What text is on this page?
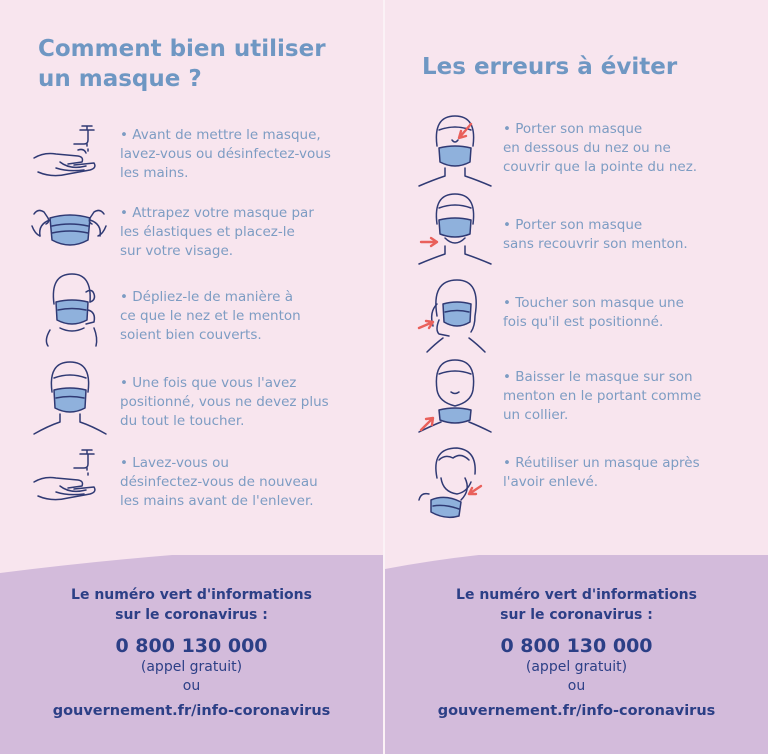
Comment bien utiliser
un masque ?
• Avant de mettre le masque,
lavez-vous ou désinfectez-vous
les mains.
• Attrapez votre masque par
les élastiques et placez-le
sur votre visage.
• Dépliez-le de manière à
ce que le nez et le menton
soient bien couverts.
• Une fois que vous l'avez
positionné, vous ne devez plus
du tout le toucher.
• Lavez-vous ou
désinfectez-vous de nouveau
les mains avant de l'enlever.
Le numéro vert d'informations
sur le coronavirus :
0 800 130 000
(appel gratuit)
ou
gouvernement.fr/info-coronavirus
Les erreurs à éviter
• Porter son masque
en dessous du nez ou ne
couvrir que la pointe du nez.
• Porter son masque
sans recouvrir son menton.
• Toucher son masque une
fois qu'il est positionné.
• Baisser le masque sur son
menton en le portant comme
un collier.
• Réutiliser un masque après
l'avoir enlevé.
Le numéro vert d'informations
sur le coronavirus :
0 800 130 000
(appel gratuit)
ou
gouvernement.fr/info-coronavirus
